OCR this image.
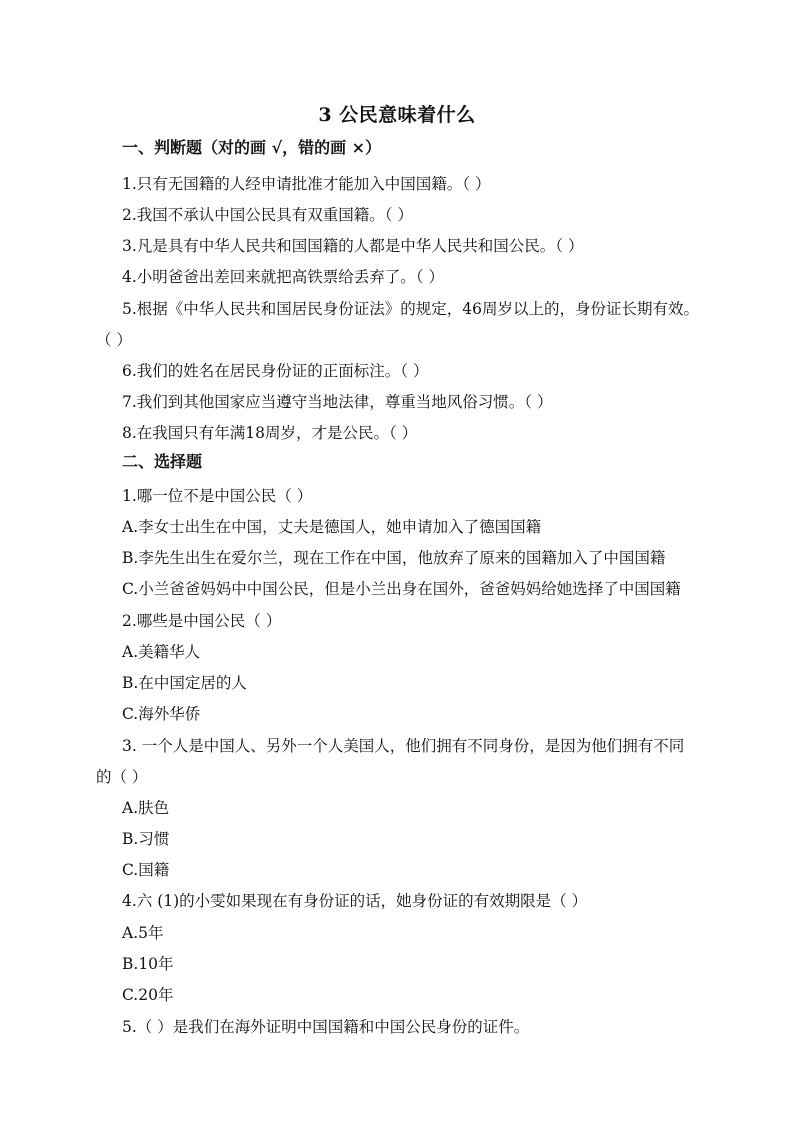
3 公民意味着什么
一、判断题（对的画 √，错的画 ×）
1.只有无国籍的人经申请批准才能加入中国国籍。（ ）
2.我国不承认中国公民具有双重国籍。（ ）
3.凡是具有中华人民共和国国籍的人都是中华人民共和国公民。（ ）
4.小明爸爸出差回来就把高铁票给丢弃了。（ ）
5.根据《中华人民共和国居民身份证法》的规定，46周岁以上的，身份证长期有效。
（ ）
6.我们的姓名在居民身份证的正面标注。（ ）
7.我们到其他国家应当遵守当地法律，尊重当地风俗习惯。（ ）
8.在我国只有年满18周岁，才是公民。（ ）
二、选择题
1.哪一位不是中国公民（ ）
A.李女士出生在中国，丈夫是德国人，她申请加入了德国国籍
B.李先生出生在爱尔兰，现在工作在中国，他放弃了原来的国籍加入了中国国籍
C.小兰爸爸妈妈中中国公民，但是小兰出身在国外，爸爸妈妈给她选择了中国国籍
2.哪些是中国公民（ ）
A.美籍华人
B.在中国定居的人
C.海外华侨
3. 一个人是中国人、另外一个人美国人，他们拥有不同身份，是因为他们拥有不同
的（ ）
A.肤色
B.习惯
C.国籍
4.六 (1)的小雯如果现在有身份证的话，她身份证的有效期限是（ ）
A.5年
B.10年
C.20年
5.（ ）是我们在海外证明中国国籍和中国公民身份的证件。
